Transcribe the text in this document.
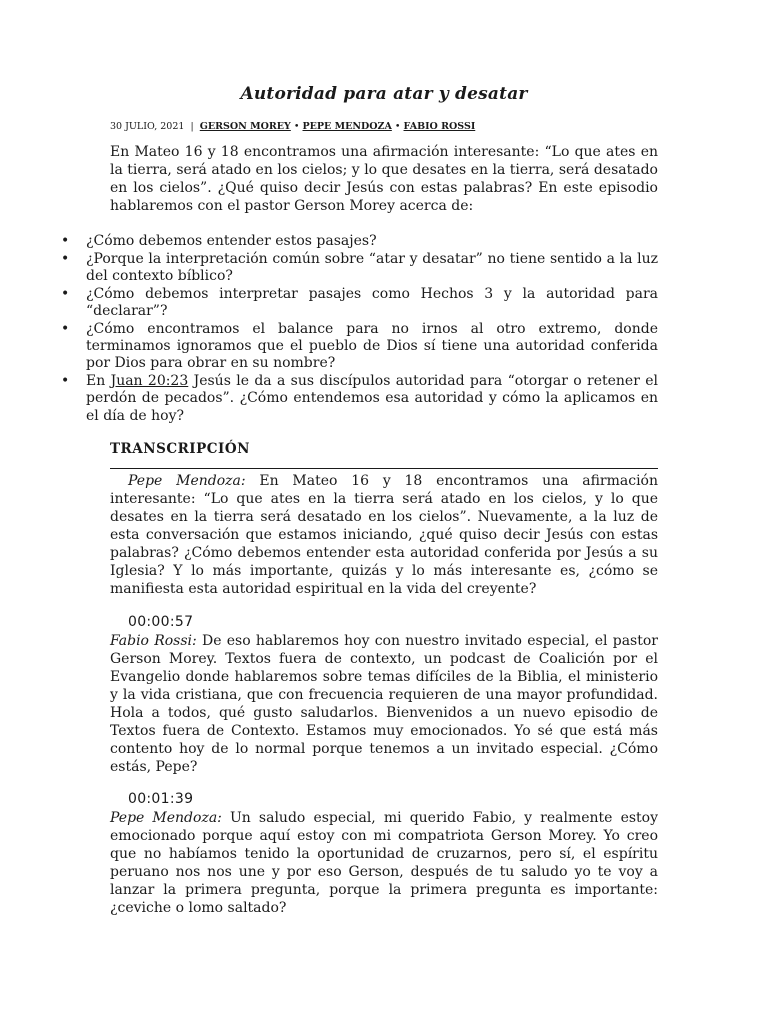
Autoridad para atar y desatar
30 JULIO, 2021 | GERSON MOREY • PEPE MENDOZA • FABIO ROSSI

En Mateo 16 y 18 encontramos una afirmación interesante: “Lo que ates en la tierra, será atado en los cielos; y lo que desates en la tierra, será desatado en los cielos”. ¿Qué quiso decir Jesús con estas palabras? En este episodio hablaremos con el pastor Gerson Morey acerca de:

• ¿Cómo debemos entender estos pasajes?
• ¿Porque la interpretación común sobre “atar y desatar” no tiene sentido a la luz del contexto bíblico?
• ¿Cómo debemos interpretar pasajes como Hechos 3 y la autoridad para “declarar”?
• ¿Cómo encontramos el balance para no irnos al otro extremo, donde terminamos ignoramos que el pueblo de Dios sí tiene una autoridad conferida por Dios para obrar en su nombre?
• En Juan 20:23 Jesús le da a sus discípulos autoridad para “otorgar o retener el perdón de pecados”. ¿Cómo entendemos esa autoridad y cómo la aplicamos en el día de hoy?
TRANSCRIPCIÓN

Pepe Mendoza: En Mateo 16 y 18 encontramos una afirmación interesante: “Lo que ates en la tierra será atado en los cielos, y lo que desates en la tierra será desatado en los cielos”. Nuevamente, a la luz de esta conversación que estamos iniciando, ¿qué quiso decir Jesús con estas palabras? ¿Cómo debemos entender esta autoridad conferida por Jesús a su Iglesia? Y lo más importante, quizás y lo más interesante es, ¿cómo se manifiesta esta autoridad espiritual en la vida del creyente?

00:00:57

Fabio Rossi: De eso hablaremos hoy con nuestro invitado especial, el pastor Gerson Morey. Textos fuera de contexto, un podcast de Coalición por el Evangelio donde hablaremos sobre temas difíciles de la Biblia, el ministerio y la vida cristiana, que con frecuencia requieren de una mayor profundidad. Hola a todos, qué gusto saludarlos. Bienvenidos a un nuevo episodio de Textos fuera de Contexto. Estamos muy emocionados. Yo sé que está más contento hoy de lo normal porque tenemos a un invitado especial. ¿Cómo estás, Pepe?

00:01:39

Pepe Mendoza: Un saludo especial, mi querido Fabio, y realmente estoy emocionado porque aquí estoy con mi compatriota Gerson Morey. Yo creo que no habíamos tenido la oportunidad de cruzarnos, pero sí, el espíritu peruano nos nos une y por eso Gerson, después de tu saludo yo te voy a lanzar la primera pregunta, porque la primera pregunta es importante: ¿ceviche o lomo saltado?
